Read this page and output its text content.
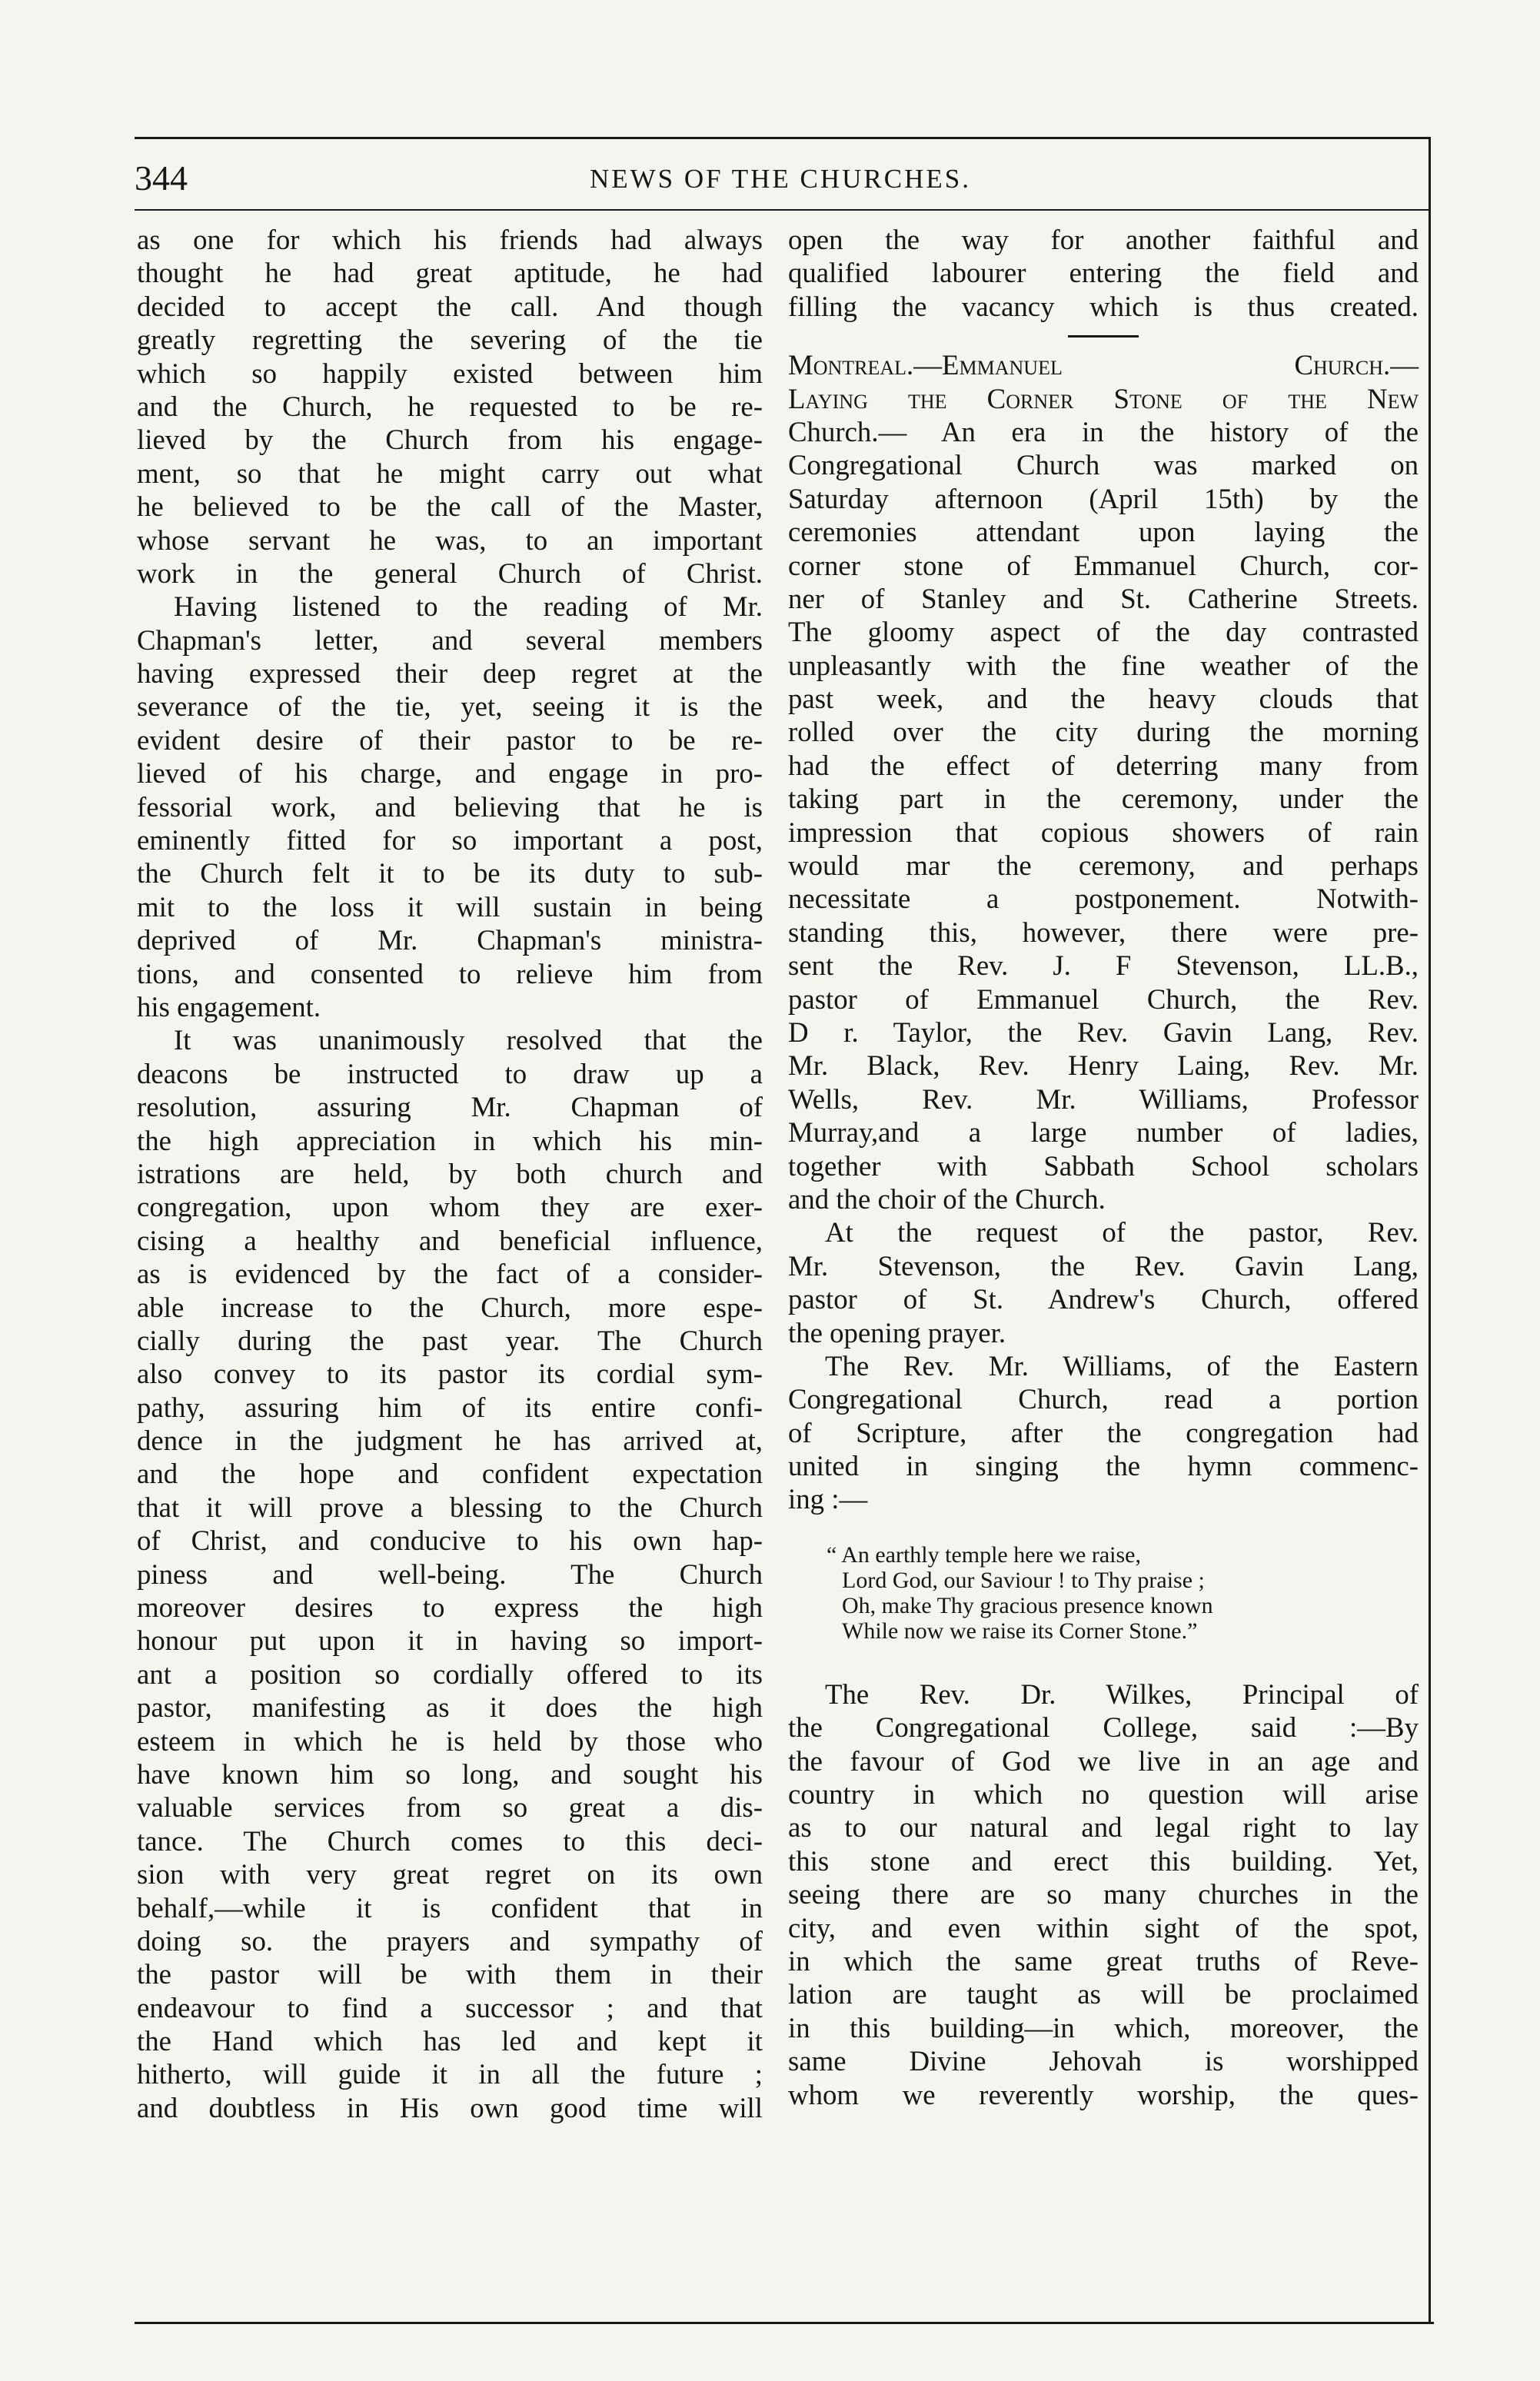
344	NEWS OF THE CHURCHES.
as one for which his friends had always
thought he had great aptitude, he had
decided to accept the call. And though
greatly regretting the severing of the tie
which so happily existed between him
and the Church, he requested to be re-
lieved by the Church from his engage-
ment, so that he might carry out what
he believed to be the call of the Master,
whose servant he was, to an important
work in the general Church of Christ.
Having listened to the reading of Mr.
Chapman's letter, and several members
having expressed their deep regret at the
severance of the tie, yet, seeing it is the
evident desire of their pastor to be re-
lieved of his charge, and engage in pro-
fessorial work, and believing that he is
eminently fitted for so important a post,
the Church felt it to be its duty to sub-
mit to the loss it will sustain in being
deprived of Mr. Chapman's ministra-
tions, and consented to relieve him from
his engagement.
It was unanimously resolved that the
deacons be instructed to draw up a
resolution, assuring Mr. Chapman of
the high appreciation in which his min-
istrations are held, by both church and
congregation, upon whom they are exer-
cising a healthy and beneficial influence,
as is evidenced by the fact of a consider-
able increase to the Church, more espe-
cially during the past year. The Church
also convey to its pastor its cordial sym-
pathy, assuring him of its entire confi-
dence in the judgment he has arrived at,
and the hope and confident expectation
that it will prove a blessing to the Church
of Christ, and conducive to his own hap-
piness and well-being. The Church
moreover desires to express the high
honour put upon it in having so import-
ant a position so cordially offered to its
pastor, manifesting as it does the high
esteem in which he is held by those who
have known him so long, and sought his
valuable services from so great a dis-
tance. The Church comes to this deci-
sion with very great regret on its own
behalf,—while it is confident that in
doing so. the prayers and sympathy of
the pastor will be with them in their
endeavour to find a successor ; and that
the Hand which has led and kept it
hitherto, will guide it in all the future ;
and doubtless in His own good time will
open the way for another faithful and
qualified labourer entering the field and
filling the vacancy which is thus created.
Montreal.—Emmanuel Church.—
Laying the Corner Stone of the New
Church.— An era in the history of the
Congregational Church was marked on
Saturday afternoon (April 15th) by the
ceremonies attendant upon laying the
corner stone of Emmanuel Church, cor-
ner of Stanley and St. Catherine Streets.
The gloomy aspect of the day contrasted
unpleasantly with the fine weather of the
past week, and the heavy clouds that
rolled over the city during the morning
had the effect of deterring many from
taking part in the ceremony, under the
impression that copious showers of rain
would mar the ceremony, and perhaps
necessitate a postponement. Notwith-
standing this, however, there were pre-
sent the Rev. J. F Stevenson, LL.B.,
pastor of Emmanuel Church, the Rev.
D r. Taylor, the Rev. Gavin Lang, Rev.
Mr. Black, Rev. Henry Laing, Rev. Mr.
Wells, Rev. Mr. Williams, Professor
Murray,and a large number of ladies,
together with Sabbath School scholars
and the choir of the Church.
At the request of the pastor, Rev.
Mr. Stevenson, the Rev. Gavin Lang,
pastor of St. Andrew's Church, offered
the opening prayer.
The Rev. Mr. Williams, of the Eastern
Congregational Church, read a portion
of Scripture, after the congregation had
united in singing the hymn commenc-
ing :—
“ An earthly temple here we raise,
Lord God, our Saviour ! to Thy praise ;
Oh, make Thy gracious presence known
While now we raise its Corner Stone.”
The Rev. Dr. Wilkes, Principal of
the Congregational College, said :—By
the favour of God we live in an age and
country in which no question will arise
as to our natural and legal right to lay
this stone and erect this building. Yet,
seeing there are so many churches in the
city, and even within sight of the spot,
in which the same great truths of Reve-
lation are taught as will be proclaimed
in this building—in which, moreover, the
same Divine Jehovah is worshipped
whom we reverently worship, the ques-
